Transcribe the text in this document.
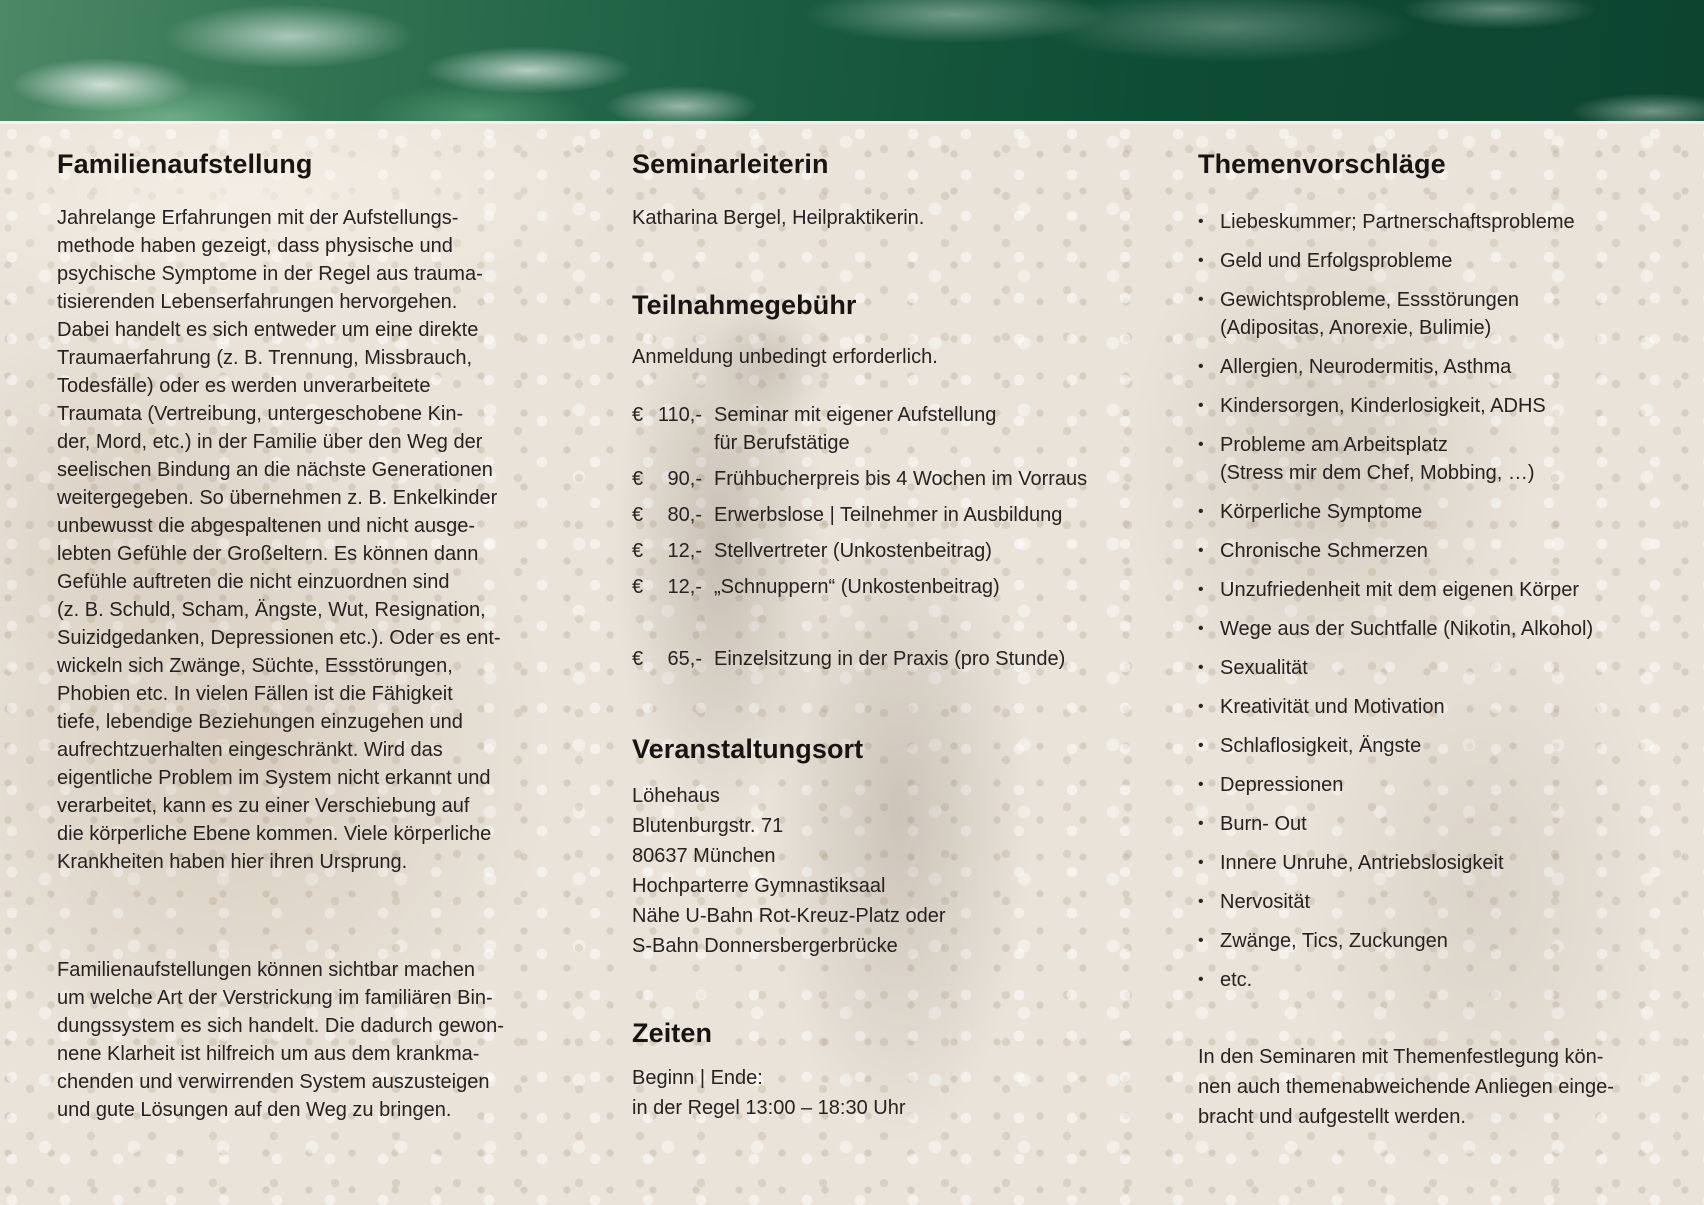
Familienaufstellung

Jahrelange Erfahrungen mit der Aufstellungs-
methode haben gezeigt, dass physische und
psychische Symptome in der Regel aus trauma-
tisierenden Lebenserfahrungen hervorgehen.
Dabei handelt es sich entweder um eine direkte
Traumaerfahrung (z. B. Trennung, Missbrauch,
Todesfälle) oder es werden unverarbeitete
Traumata (Vertreibung, untergeschobene Kin-
der, Mord, etc.) in der Familie über den Weg der
seelischen Bindung an die nächste Generationen
weitergegeben. So übernehmen z. B. Enkelkinder
unbewusst die abgespaltenen und nicht ausge-
lebten Gefühle der Großeltern. Es können dann
Gefühle auftreten die nicht einzuordnen sind
(z. B. Schuld, Scham, Ängste, Wut, Resignation,
Suizidgedanken, Depressionen etc.). Oder es ent-
wickeln sich Zwänge, Süchte, Essstörungen,
Phobien etc. In vielen Fällen ist die Fähigkeit
tiefe, lebendige Beziehungen einzugehen und
aufrechtzuerhalten eingeschränkt. Wird das
eigentliche Problem im System nicht erkannt und
verarbeitet, kann es zu einer Verschiebung auf
die körperliche Ebene kommen. Viele körperliche
Krankheiten haben hier ihren Ursprung.

Familienaufstellungen können sichtbar machen
um welche Art der Verstrickung im familiären Bin-
dungssystem es sich handelt. Die dadurch gewon-
nene Klarheit ist hilfreich um aus dem krankma-
chenden und verwirrenden System auszusteigen
und gute Lösungen auf den Weg zu bringen.

Seminarleiterin

Katharina Bergel, Heilpraktikerin.

Teilnahmegebühr

Anmeldung unbedingt erforderlich.

€ 110,- Seminar mit eigener Aufstellung
für Berufstätige
€	90,- Frühbucherpreis bis 4 Wochen im Vorraus
€	80,- Erwerbslose | Teilnehmer in Ausbildung
€	12,- Stellvertreter (Unkostenbeitrag)
€	12,- „Schnuppern“ (Unkostenbeitrag)
€	65,- Einzelsitzung in der Praxis (pro Stunde)
Veranstaltungsort

Löhehaus
Blutenburgstr. 71
80637 München
Hochparterre Gymnastiksaal
Nähe U-Bahn Rot-Kreuz-Platz oder
S-Bahn Donnersbergerbrücke

Zeiten

Beginn | Ende:
in der Regel 13:00 – 18:30 Uhr

Themenvorschläge
• Liebeskummer; Partnerschaftsprobleme
• Geld und Erfolgsprobleme
• Gewichtsprobleme, Essstörungen
(Adipositas, Anorexie, Bulimie)
• Allergien, Neurodermitis, Asthma
• Kindersorgen, Kinderlosigkeit, ADHS
• Probleme am Arbeitsplatz
(Stress mir dem Chef, Mobbing, …)
• Körperliche Symptome
• Chronische Schmerzen
• Unzufriedenheit mit dem eigenen Körper
• Wege aus der Suchtfalle (Nikotin, Alkohol)
• Sexualität
• Kreativität und Motivation
• Schlaflosigkeit, Ängste
• Depressionen
• Burn- Out
• Innere Unruhe, Antriebslosigkeit
• Nervosität
• Zwänge, Tics, Zuckungen
• etc.

In den Seminaren mit Themenfestlegung kön-
nen auch themenabweichende Anliegen einge-
bracht und aufgestellt werden.
